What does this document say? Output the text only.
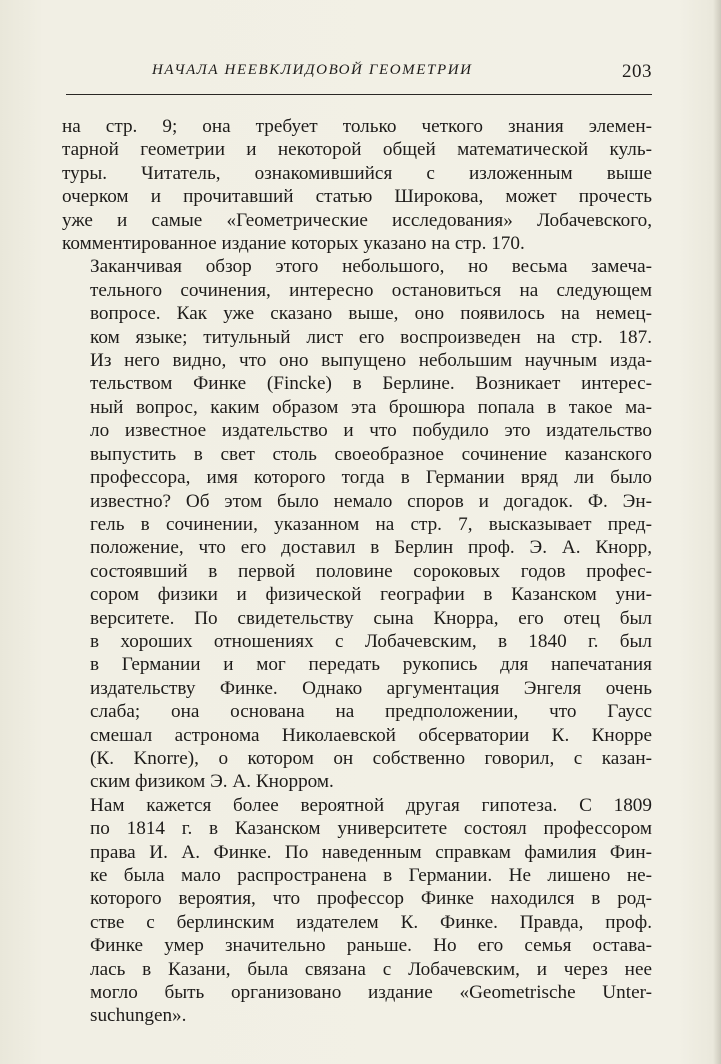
НАЧАЛА НЕЕВКЛИДОВОЙ ГЕОМЕТРИИ	203

на стр. 9; она требует только четкого знания элемен-
тарной геометрии и некоторой общей математической куль-
туры. Читатель, ознакомившийся с изложенным выше
очерком и прочитавший статью Широкова, может прочесть
уже и самые «Геометрические исследования» Лобачевского,
комментированное издание которых указано на стр. 170.

Заканчивая обзор этого небольшого, но весьма замеча-
тельного сочинения, интересно остановиться на следующем
вопросе. Как уже сказано выше, оно появилось на немец-
ком языке; титульный лист его воспроизведен на стр. 187.
Из него видно, что оно выпущено небольшим научным изда-
тельством Финке (Fincke) в Берлине. Возникает интерес-
ный вопрос, каким образом эта брошюра попала в такое ма-
ло известное издательство и что побудило это издательство
выпустить в свет столь своеобразное сочинение казанского
профессора, имя которого тогда в Германии вряд ли было
известно? Об этом было немало споров и догадок. Ф. Эн-
гель в сочинении, указанном на стр. 7, высказывает пред-
положение, что его доставил в Берлин проф. Э. А. Кнорр,
состоявший в первой половине сороковых годов профес-
сором физики и физической географии в Казанском уни-
верситете. По свидетельству сына Кнорра, его отец был
в хороших отношениях с Лобачевским, в 1840 г. был
в Германии и мог передать рукопись для напечатания
издательству Финке. Однако аргументация Энгеля очень
слаба; она основана на предположении, что Гаусс
смешал астронома Николаевской обсерватории К. Кнорре
(К. Knorre), о котором он собственно говорил, с казан-
ским физиком Э. А. Кнорром.

Нам кажется более вероятной другая гипотеза. С 1809
по 1814 г. в Казанском университете состоял профессором
права И. А. Финке. По наведенным справкам фамилия Фин-
ке была мало распространена в Германии. Не лишено не-
которого вероятия, что профессор Финке находился в род-
стве с берлинским издателем К. Финке. Правда, проф.
Финке умер значительно раньше. Но его семья остава-
лась в Казани, была связана с Лобачевским, и через нее
могло быть организовано издание «Geometrische Unter-
suchungen».
